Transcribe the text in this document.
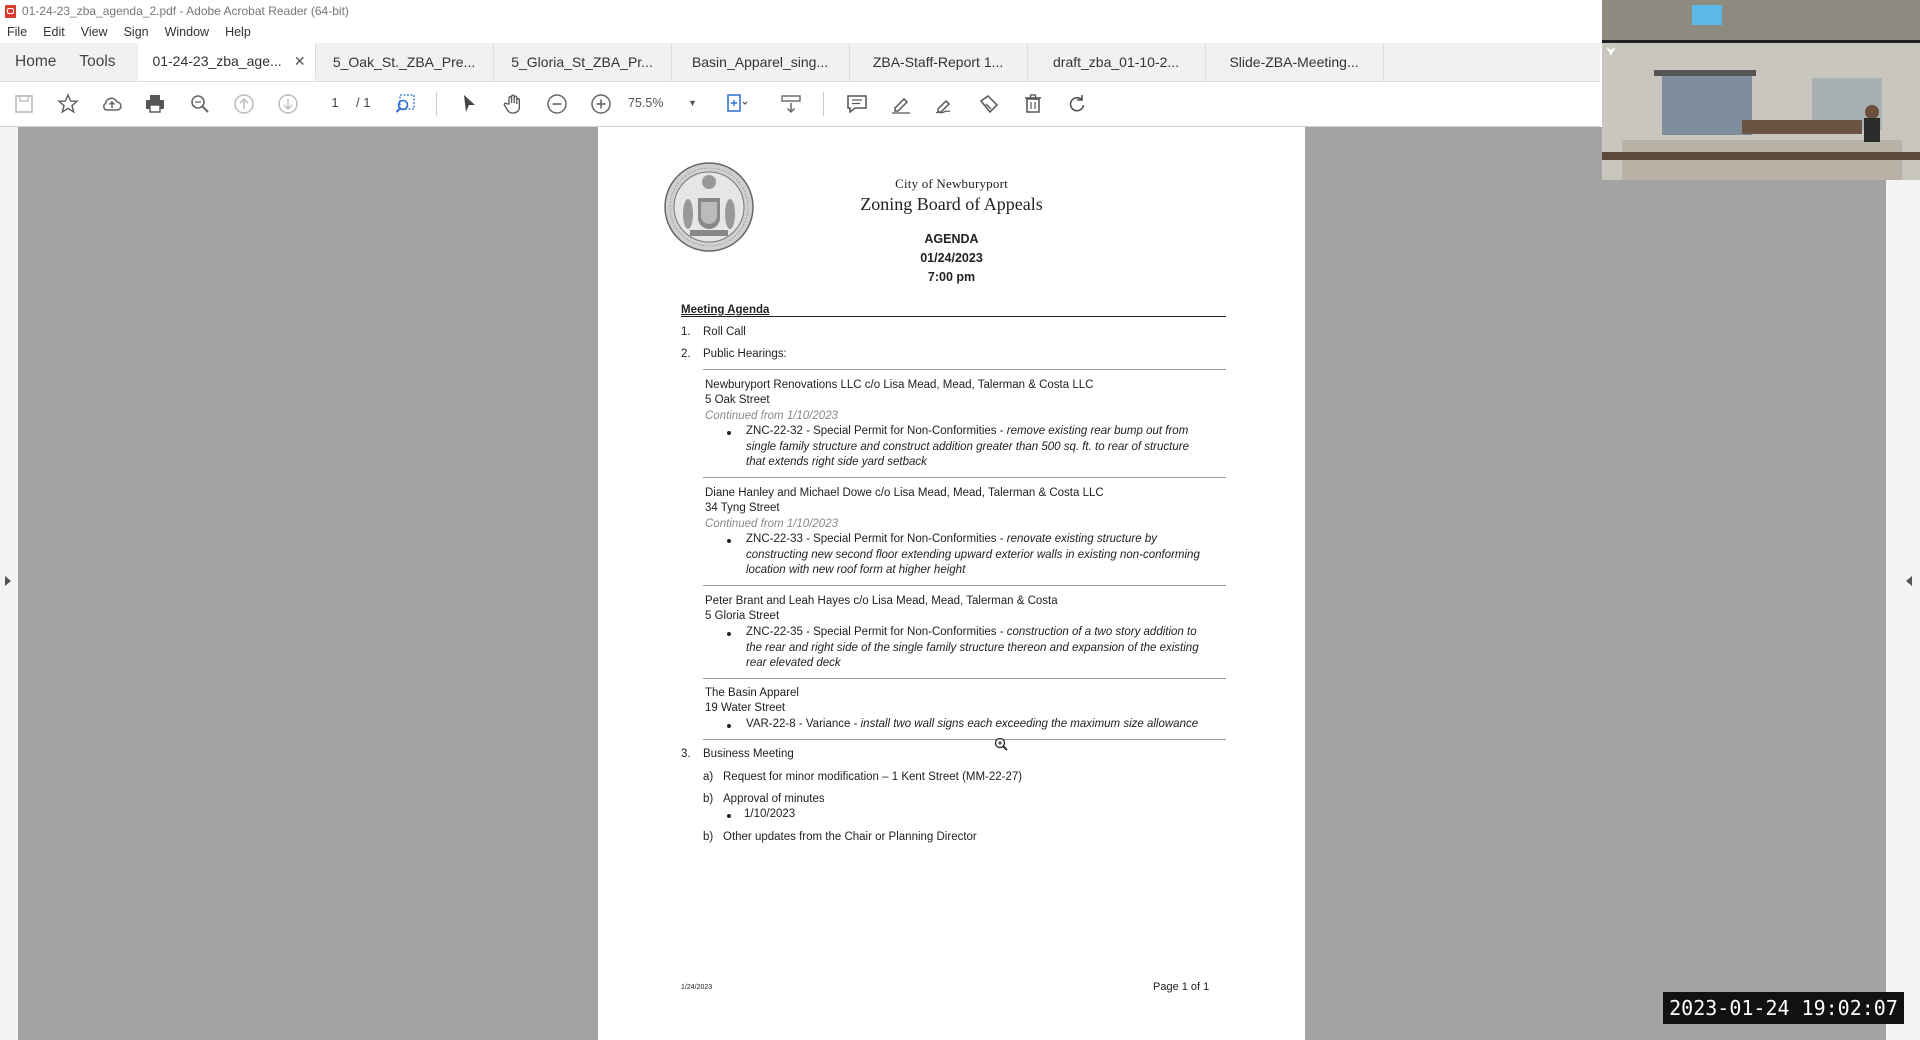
01-24-23_zba_agenda_2.pdf - Adobe Acrobat Reader (64-bit)
File Edit View Sign Window Help
Home	Tools	01-24-23_zba_age... ✕ 5_Oak_St._ZBA_Pre...	5_Gloria_St_ZBA_Pr...	Basin_Apparel_sing...	ZBA-Staff-Report 1...	draft_zba_01-10-2...	Slide-ZBA-Meeting...
1	/ 1	75.5%	▼
City of Newburyport
Zoning Board of Appeals
AGENDA
01/24/2023
7:00 pm
Meeting Agenda
1. Roll Call
2. Public Hearings:
Newburyport Renovations LLC c/o Lisa Mead, Mead, Talerman & Costa LLC
5 Oak Street
Continued from 1/10/2023
ZNC-22-32 - Special Permit for Non-Conformities - remove existing rear bump out from
single family structure and construct addition greater than 500 sq. ft. to rear of structure
that extends right side yard setback
Diane Hanley and Michael Dowe c/o Lisa Mead, Mead, Talerman & Costa LLC
34 Tyng Street
Continued from 1/10/2023
ZNC-22-33 - Special Permit for Non-Conformities - renovate existing structure by
constructing new second floor extending upward exterior walls in existing non-conforming
location with new roof form at higher height
Peter Brant and Leah Hayes c/o Lisa Mead, Mead, Talerman & Costa
5 Gloria Street
ZNC-22-35 - Special Permit for Non-Conformities - construction of a two story addition to
the rear and right side of the single family structure thereon and expansion of the existing
rear elevated deck
The Basin Apparel
19 Water Street
VAR-22-8 - Variance - install two wall signs each exceeding the maximum size allowance
3. Business Meeting
a) Request for minor modification – 1 Kent Street (MM-22-27)
b) Approval of minutes
1/10/2023
b) Other updates from the Chair or Planning Director
1/24/2023	Page 1 of 1
⮟
2023-01-24 19:02:07
